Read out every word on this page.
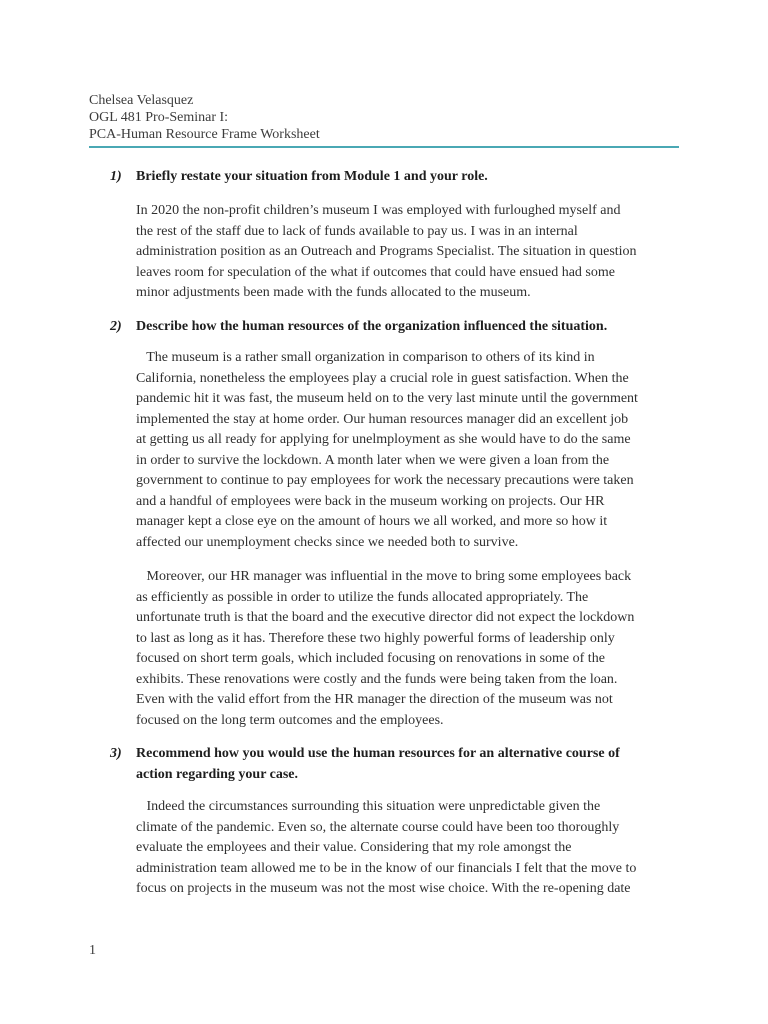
Chelsea Velasquez
OGL 481 Pro-Seminar I:
PCA-Human Resource Frame Worksheet
1) Briefly restate your situation from Module 1 and your role.
In 2020 the non-profit children’s museum I was employed with furloughed myself and
the rest of the staff due to lack of funds available to pay us. I was in an internal
administration position as an Outreach and Programs Specialist. The situation in question
leaves room for speculation of the what if outcomes that could have ensued had some
minor adjustments been made with the funds allocated to the museum.
2) Describe how the human resources of the organization influenced the situation.
The museum is a rather small organization in comparison to others of its kind in
California, nonetheless the employees play a crucial role in guest satisfaction. When the
pandemic hit it was fast, the museum held on to the very last minute until the government
implemented the stay at home order. Our human resources manager did an excellent job
at getting us all ready for applying for unelmployment as she would have to do the same
in order to survive the lockdown. A month later when we were given a loan from the
government to continue to pay employees for work the necessary precautions were taken
and a handful of employees were back in the museum working on projects. Our HR
manager kept a close eye on the amount of hours we all worked, and more so how it
affected our unemployment checks since we needed both to survive.
Moreover, our HR manager was influential in the move to bring some employees back
as efficiently as possible in order to utilize the funds allocated appropriately. The
unfortunate truth is that the board and the executive director did not expect the lockdown
to last as long as it has. Therefore these two highly powerful forms of leadership only
focused on short term goals, which included focusing on renovations in some of the
exhibits. These renovations were costly and the funds were being taken from the loan.
Even with the valid effort from the HR manager the direction of the museum was not
focused on the long term outcomes and the employees.
3) Recommend how you would use the human resources for an alternative course of action regarding your case.
Indeed the circumstances surrounding this situation were unpredictable given the
climate of the pandemic. Even so, the alternate course could have been too thoroughly
evaluate the employees and their value. Considering that my role amongst the
administration team allowed me to be in the know of our financials I felt that the move to
focus on projects in the museum was not the most wise choice. With the re-opening date
1
